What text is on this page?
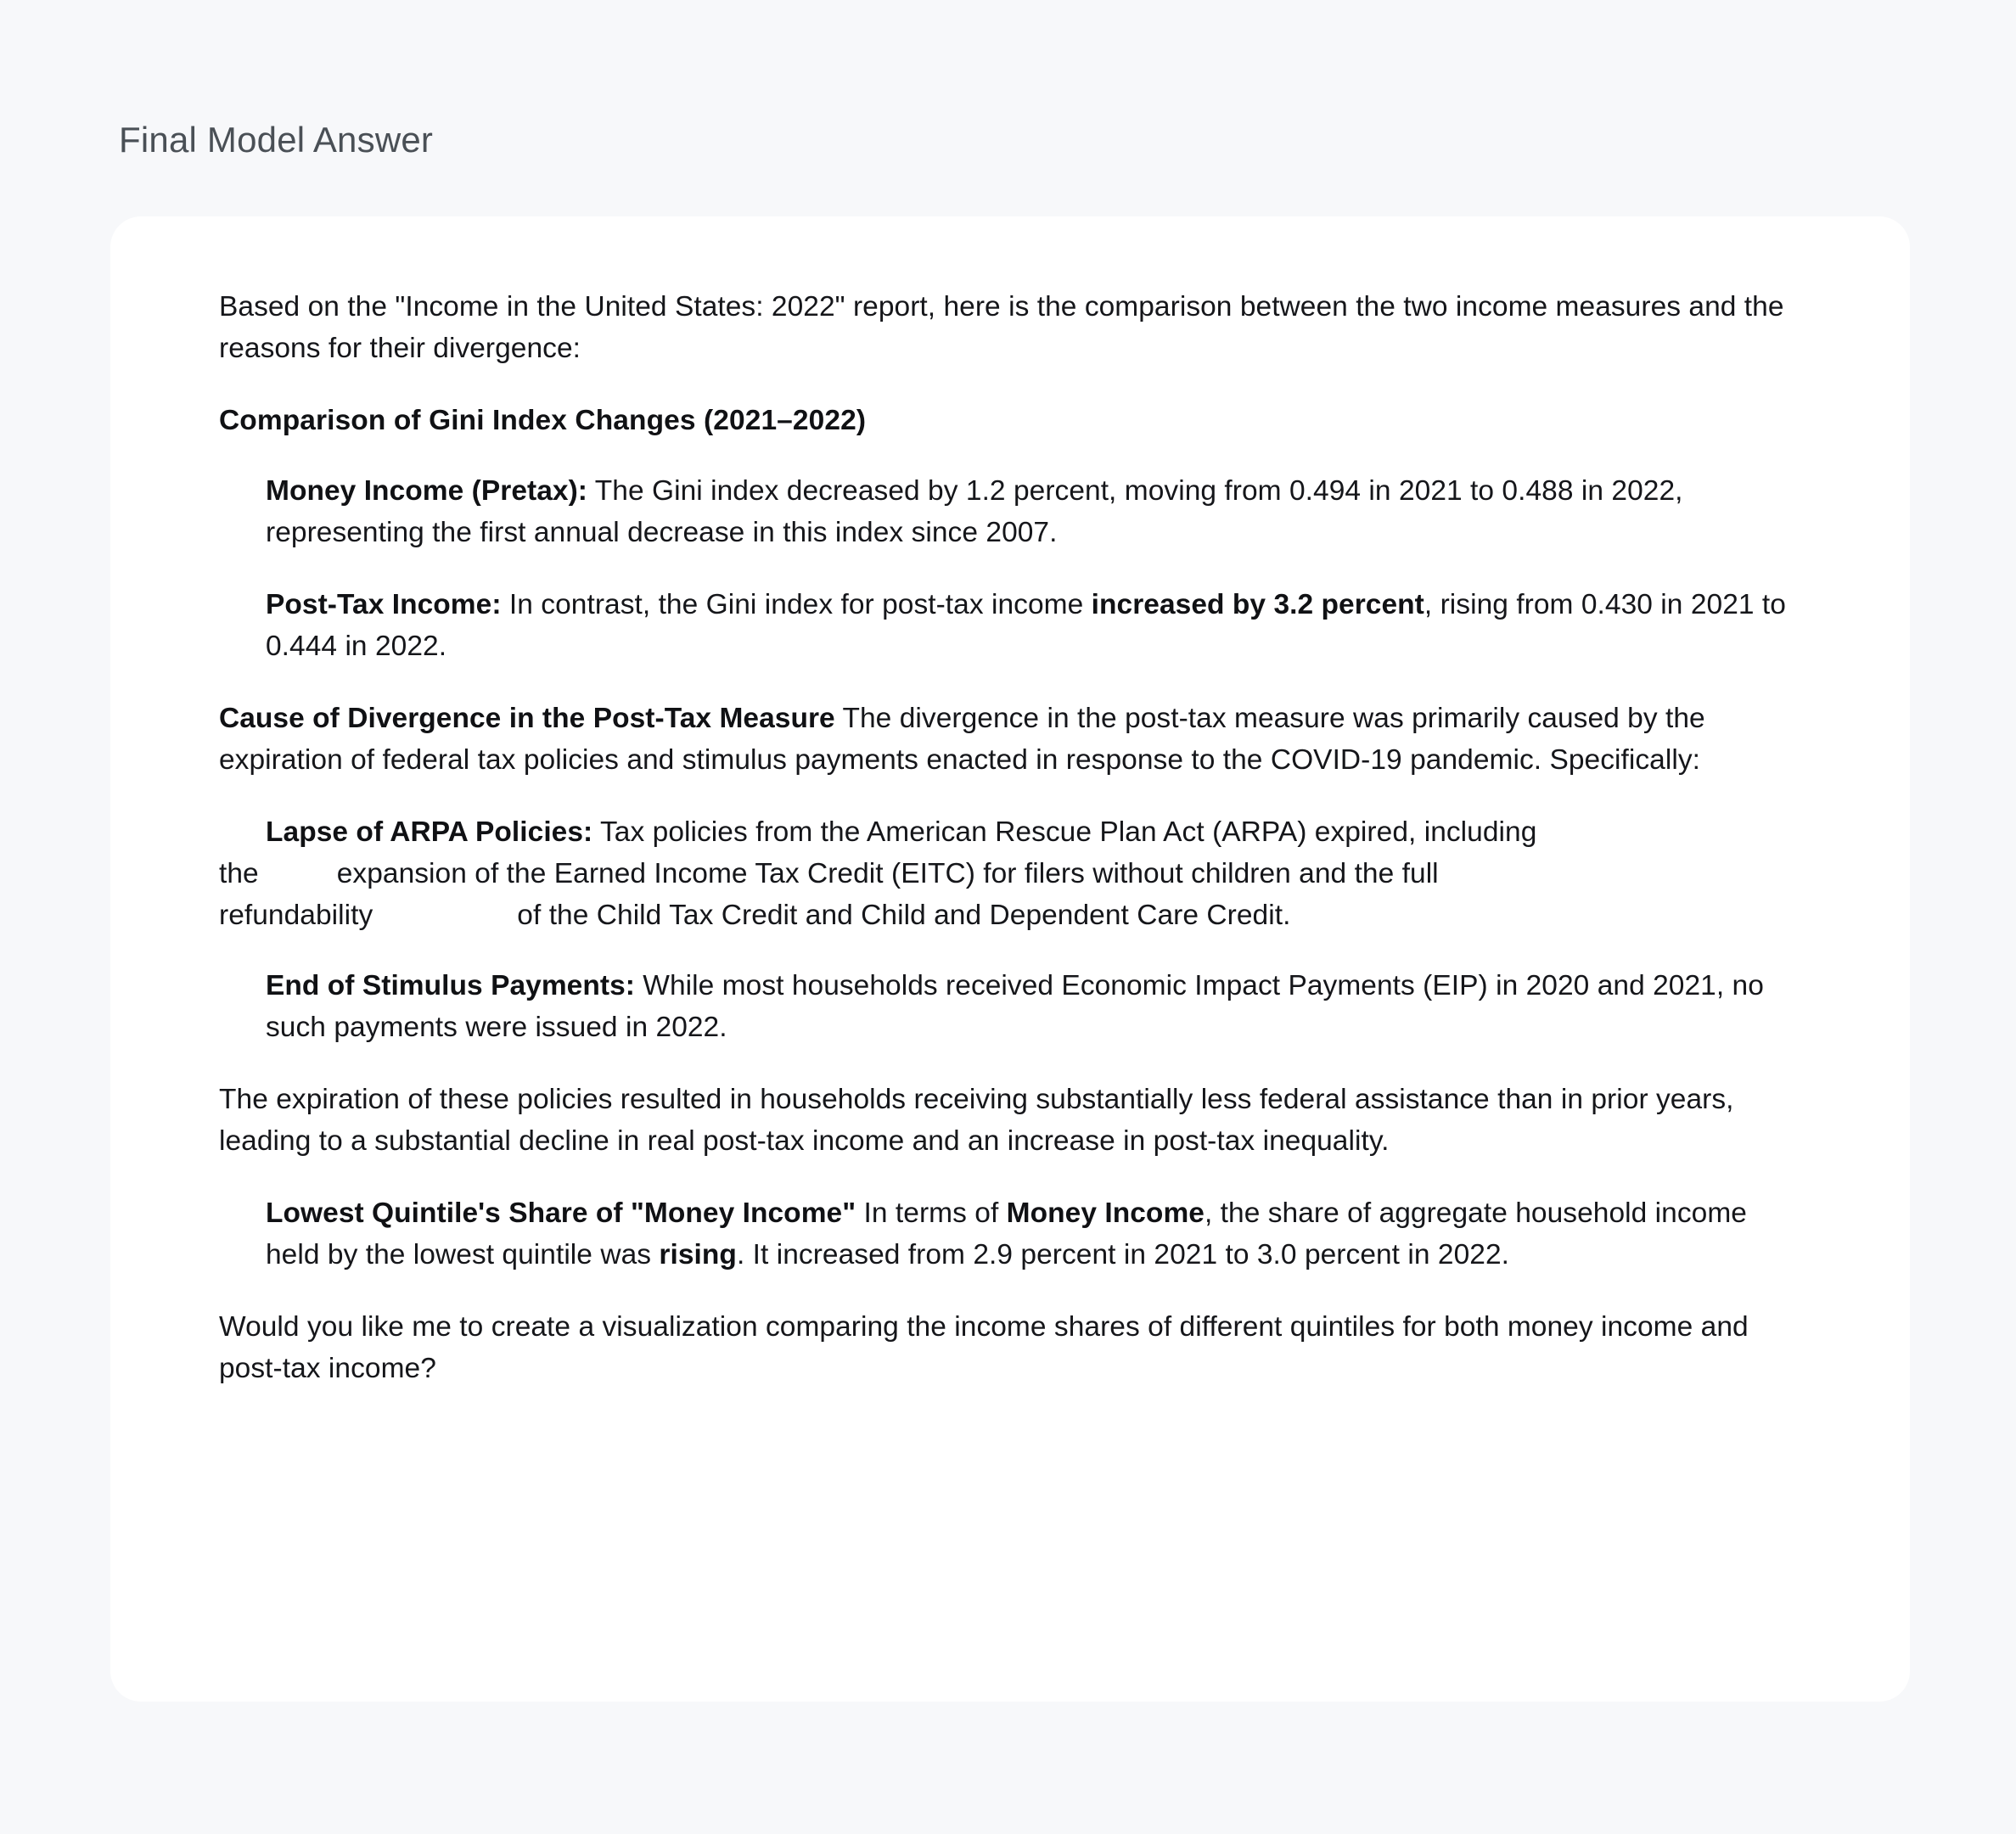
Final Model Answer

Based on the "Income in the United States: 2022" report, here is the comparison between the two income measures and the reasons for their divergence:

Comparison of Gini Index Changes (2021–2022)

Money Income (Pretax): The Gini index decreased by 1.2 percent, moving from 0.494 in 2021 to 0.488 in 2022, representing the first annual decrease in this index since 2007.

Post-Tax Income: In contrast, the Gini index for post-tax income increased by 3.2 percent, rising from 0.430 in 2021 to 0.444 in 2022.

Cause of Divergence in the Post-Tax Measure The divergence in the post-tax measure was primarily caused by the expiration of federal tax policies and stimulus payments enacted in response to the COVID-19 pandemic. Specifically:

Lapse of ARPA Policies: Tax policies from the American Rescue Plan Act (ARPA) expired, including
the	expansion of the Earned Income Tax Credit (EITC) for filers without children and the full
refundability	of the Child Tax Credit and Child and Dependent Care Credit.

End of Stimulus Payments: While most households received Economic Impact Payments (EIP) in 2020 and 2021, no such payments were issued in 2022.

The expiration of these policies resulted in households receiving substantially less federal assistance than in prior years, leading to a substantial decline in real post-tax income and an increase in post-tax inequality.

Lowest Quintile's Share of "Money Income" In terms of Money Income, the share of aggregate household income held by the lowest quintile was rising. It increased from 2.9 percent in 2021 to 3.0 percent in 2022.

Would you like me to create a visualization comparing the income shares of different quintiles for both money income and post-tax income?
